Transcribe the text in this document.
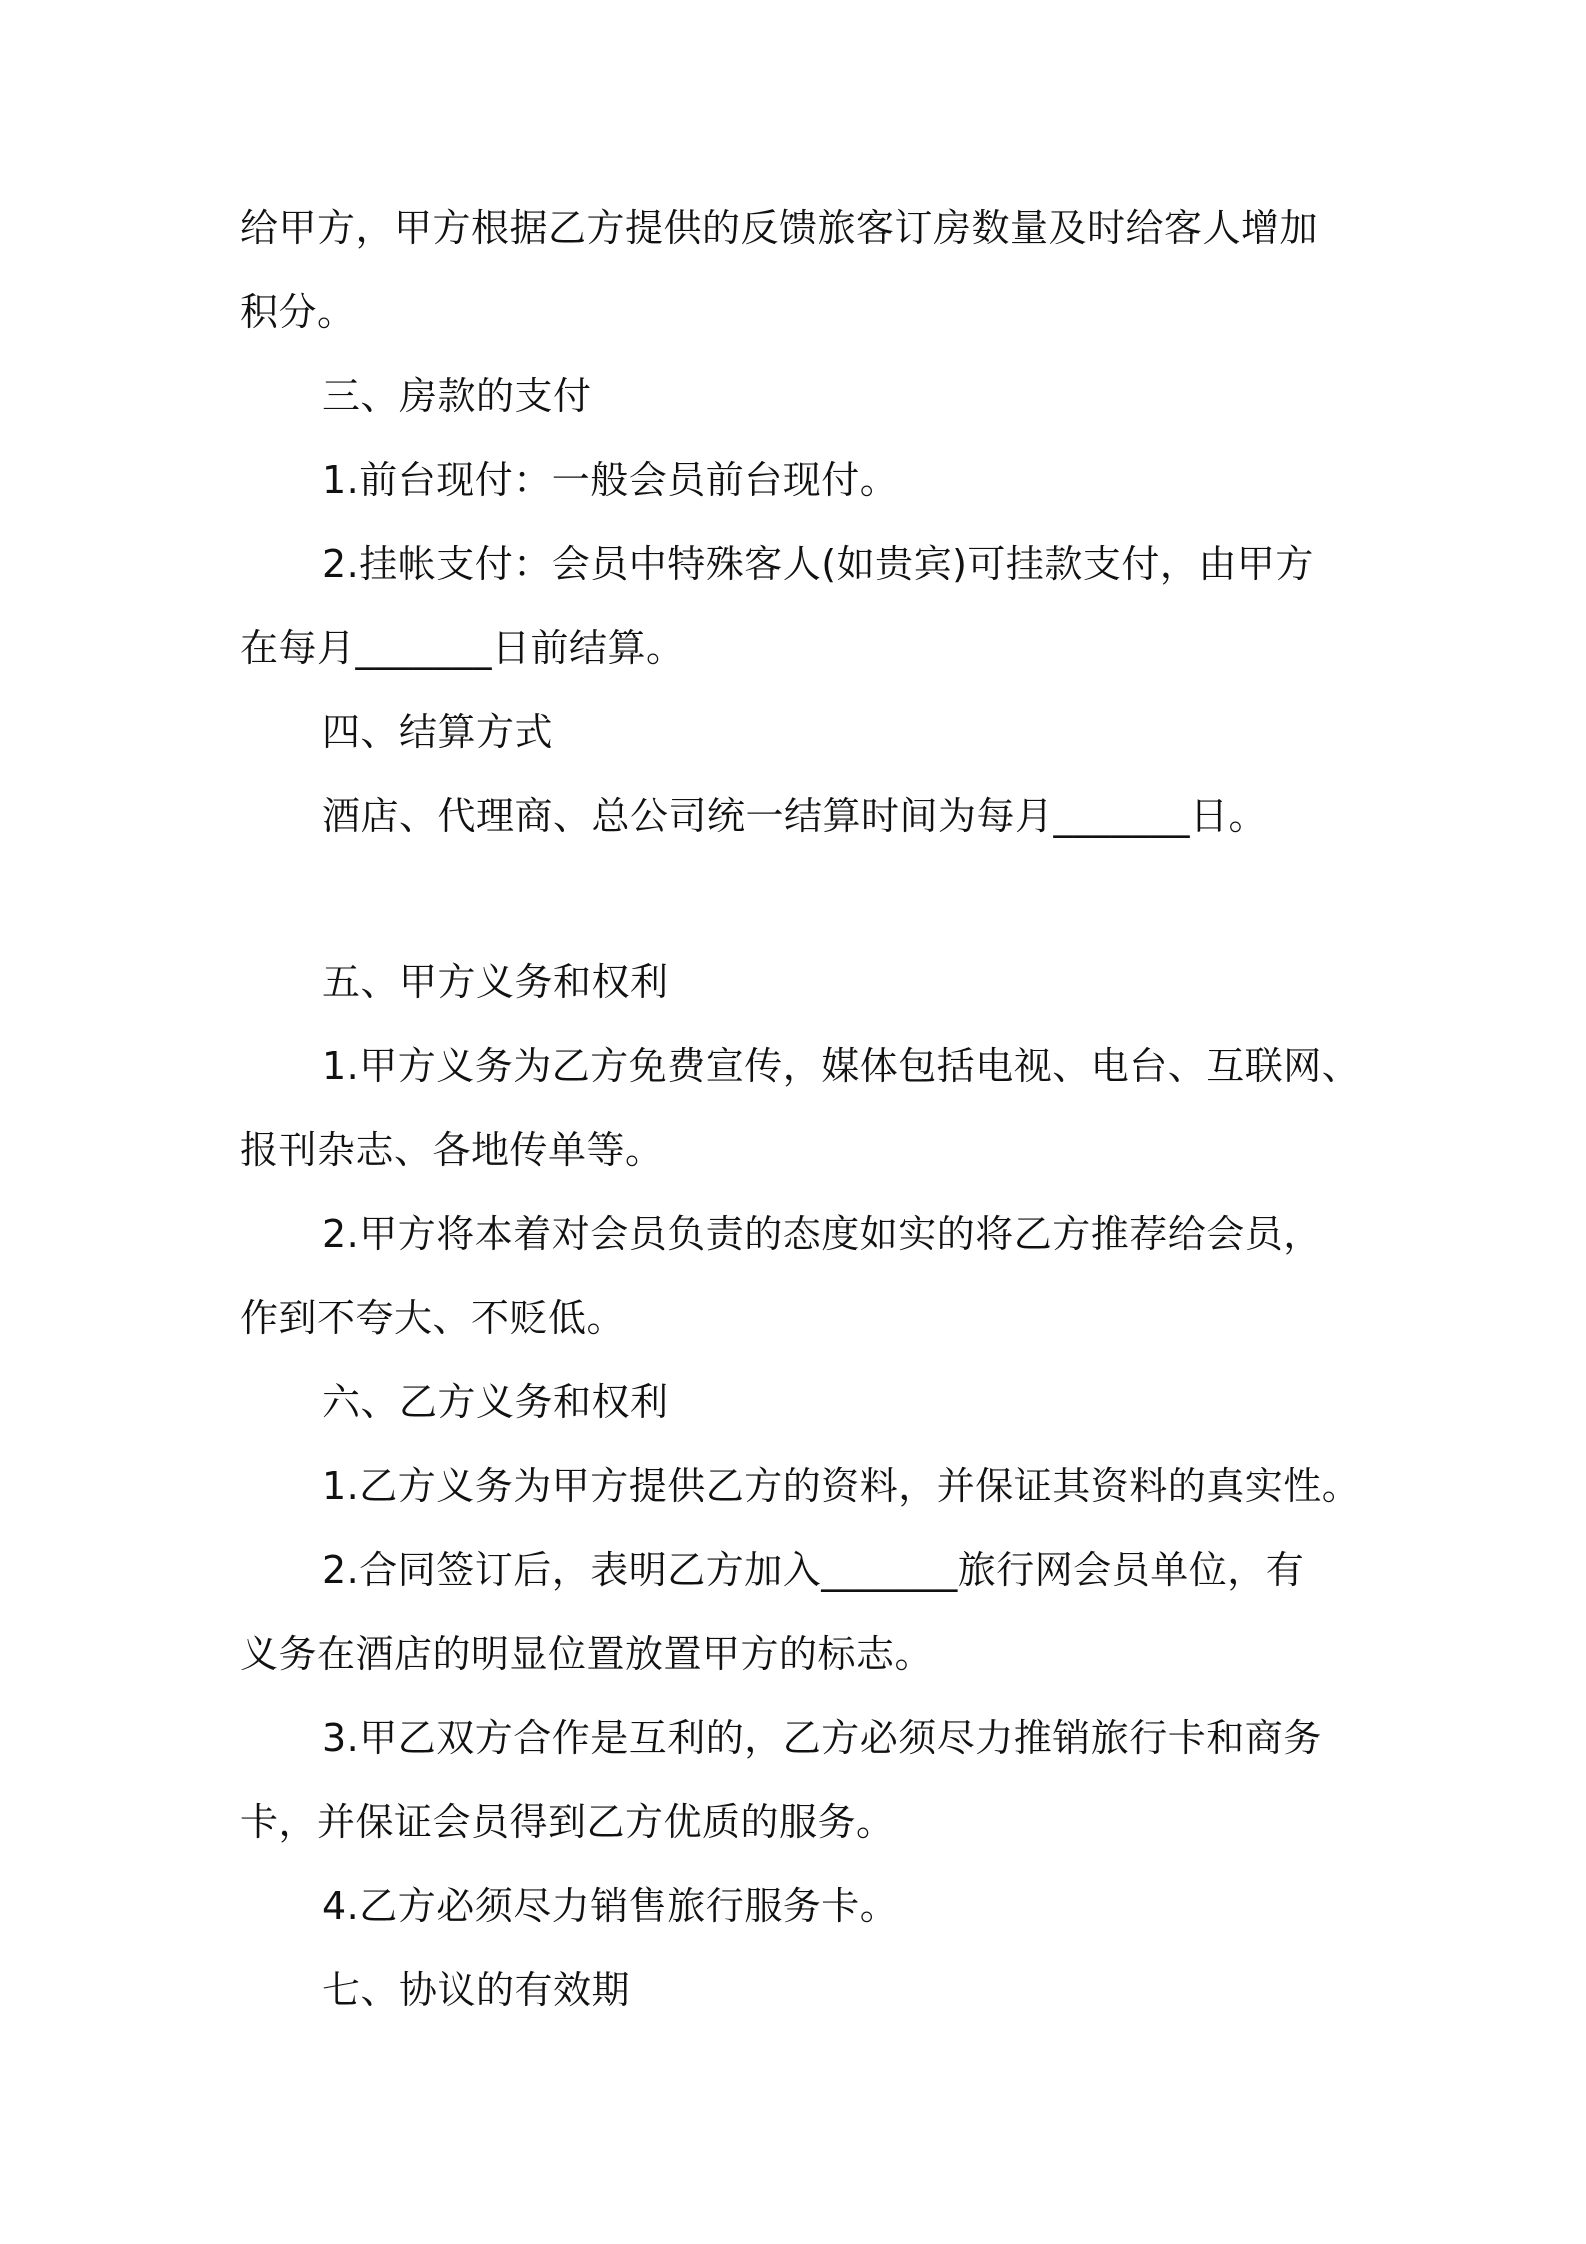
给甲方，甲方根据乙方提供的反馈旅客订房数量及时给客人增加
积分。
三、房款的支付
1.前台现付：一般会员前台现付。
2.挂帐支付：会员中特殊客人(如贵宾)可挂款支付，由甲方
在每月_______日前结算。
四、结算方式
酒店、代理商、总公司统一结算时间为每月_______日。
五、甲方义务和权利
1.甲方义务为乙方免费宣传，媒体包括电视、电台、互联网、
报刊杂志、各地传单等。
2.甲方将本着对会员负责的态度如实的将乙方推荐给会员，
作到不夸大、不贬低。
六、乙方义务和权利
1.乙方义务为甲方提供乙方的资料，并保证其资料的真实性。
2.合同签订后，表明乙方加入_______旅行网会员单位，有
义务在酒店的明显位置放置甲方的标志。
3.甲乙双方合作是互利的，乙方必须尽力推销旅行卡和商务
卡，并保证会员得到乙方优质的服务。
4.乙方必须尽力销售旅行服务卡。
七、协议的有效期
